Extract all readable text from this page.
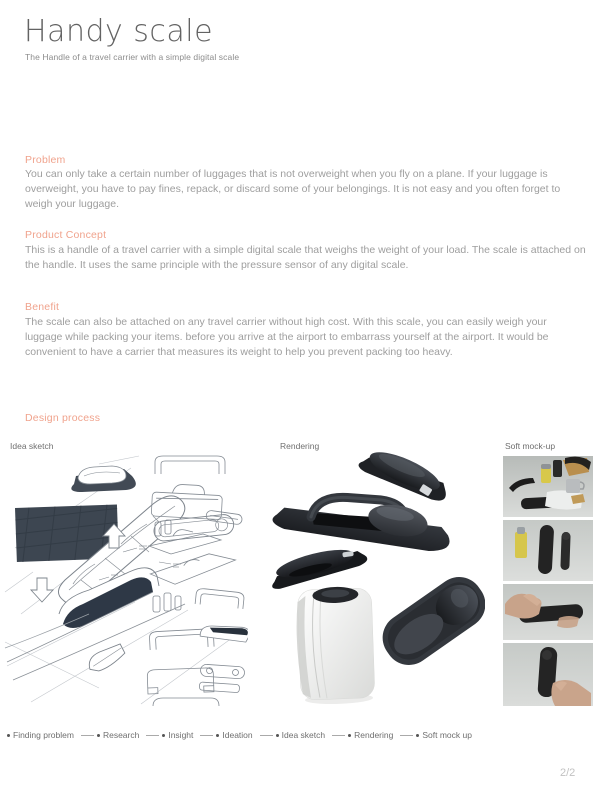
Handy scale
The Handle of a travel carrier with a simple digital scale
Problem
You can only take a certain number of luggages that is not overweight when you fly on a plane. If your luggage is overweight, you have to pay fines, repack, or discard some of your belongings. It is not easy and you often forget to weigh your luggage.
Product Concept
This is a handle of a travel carrier with a simple digital scale that weighs the weight of your load. The scale is attached on the handle. It uses the same principle with the pressure sensor of any digital scale.
Benefit
The scale can also be attached on any travel carrier without high cost. With this scale, you can easily weigh your luggage while packing your items. before you arrive at the airport to embarrass yourself at the airport. It would be convenient to have a carrier that measures its weight to help you prevent packing too heavy.
Design process
Idea sketch	Rendering	Soft mock-up
Finding problem	Research	Insight	Ideation	Idea sketch	Rendering	Soft mock up
2/2
